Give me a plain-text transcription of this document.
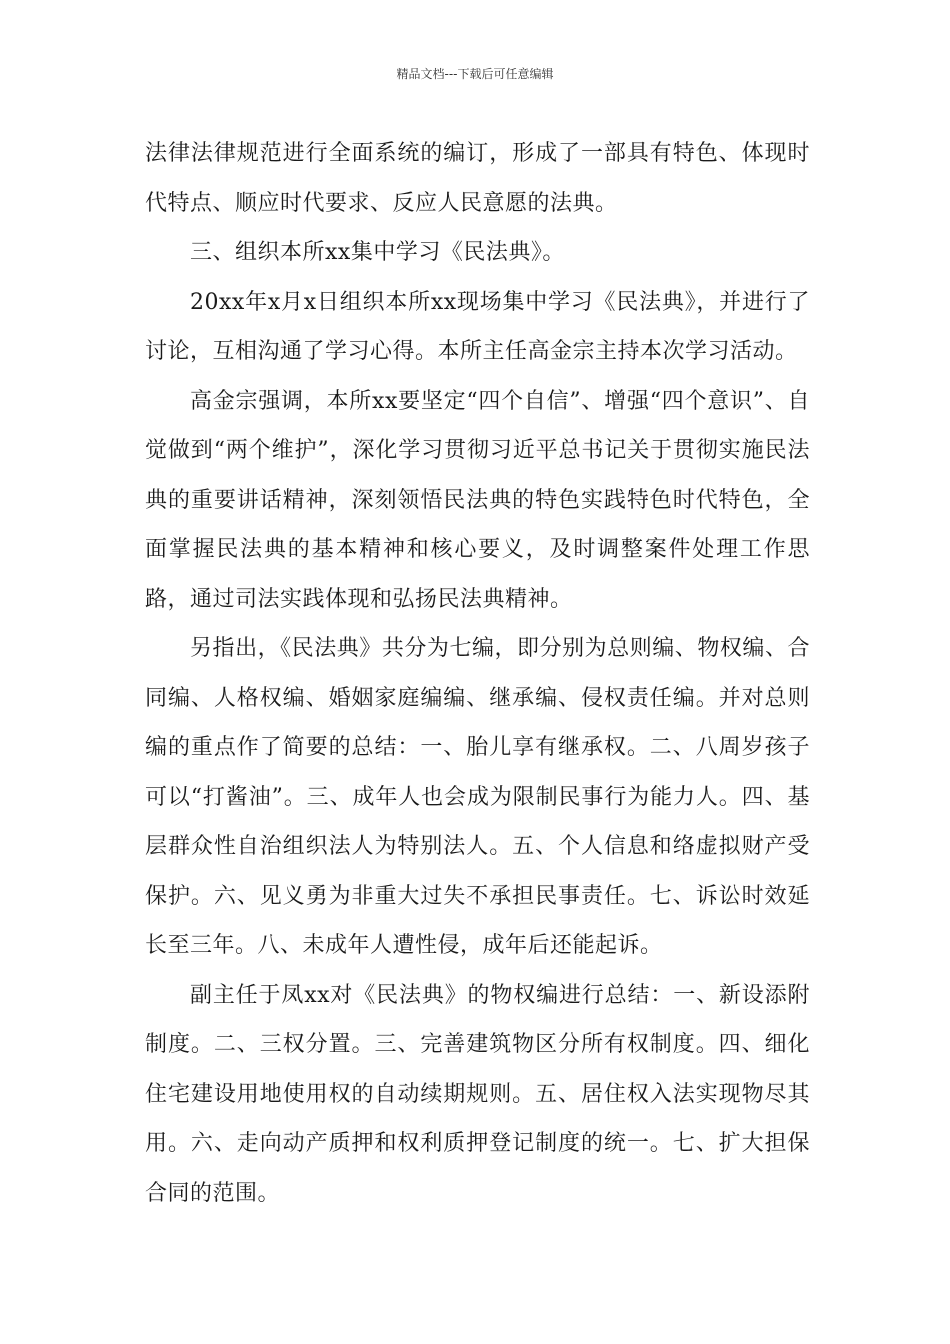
精品文档---下载后可任意编辑

法律法律规范进行全面系统的编订，形成了一部具有特色、体现时代特点、顺应时代要求、反应人民意愿的法典。

三、组织本所xx集中学习《民法典》。

20xx年x月x日组织本所xx现场集中学习《民法典》，并进行了讨论，互相沟通了学习心得。本所主任高金宗主持本次学习活动。

高金宗强调，本所xx要坚定“四个自信”、增强“四个意识”、自觉做到“两个维护”，深化学习贯彻习近平总书记关于贯彻实施民法典的重要讲话精神，深刻领悟民法典的特色实践特色时代特色，全面掌握民法典的基本精神和核心要义，及时调整案件处理工作思路，通过司法实践体现和弘扬民法典精神。

另指出，《民法典》共分为七编，即分别为总则编、物权编、合同编、人格权编、婚姻家庭编编、继承编、侵权责任编。并对总则编的重点作了简要的总结：一、胎儿享有继承权。二、八周岁孩子可以“打酱油”。三、成年人也会成为限制民事行为能力人。四、基层群众性自治组织法人为特别法人。五、个人信息和络虚拟财产受保护。六、见义勇为非重大过失不承担民事责任。七、诉讼时效延长至三年。八、未成年人遭性侵，成年后还能起诉。

副主任于凤xx对《民法典》的物权编进行总结：一、新设添附制度。二、三权分置。三、完善建筑物区分所有权制度。四、细化住宅建设用地使用权的自动续期规则。五、居住权入法实现物尽其用。六、走向动产质押和权利质押登记制度的统一。七、扩大担保合同的范围。
